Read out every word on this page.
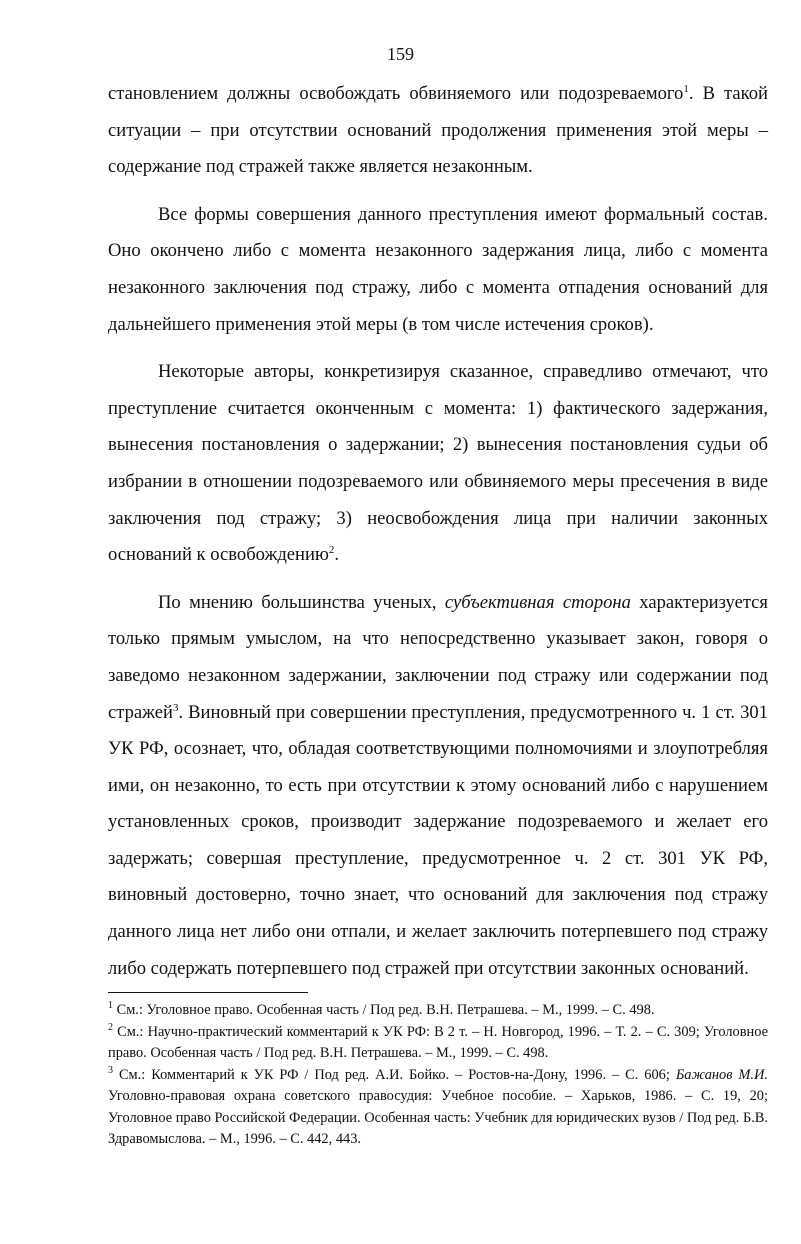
159

становлением должны освобождать обвиняемого или подозреваемого$^1$. В такой ситуации – при отсутствии оснований продолжения применения этой меры – содержание под стражей также является незаконным.

Все формы совершения данного преступления имеют формальный состав. Оно окончено либо с момента незаконного задержания лица, либо с момента незаконного заключения под стражу, либо с момента отпадения оснований для дальнейшего применения этой меры (в том числе истечения сроков).

Некоторые авторы, конкретизируя сказанное, справедливо отмечают, что преступление считается оконченным с момента: 1) фактического задержания, вынесения постановления о задержании; 2) вынесения постановления судьи об избрании в отношении подозреваемого или обвиняемого меры пресечения в виде заключения под стражу; 3) неосвобождения лица при наличии законных оснований к освобождению$^2$.

По мнению большинства ученых, субъективная сторона характеризуется только прямым умыслом, на что непосредственно указывает закон, говоря о заведомо незаконном задержании, заключении под стражу или содержании под стражей$^3$. Виновный при совершении преступления, предусмотренного ч. 1 ст. 301 УК РФ, осознает, что, обладая соответствующими полномочиями и злоупотребляя ими, он незаконно, то есть при отсутствии к этому оснований либо с нарушением установленных сроков, производит задержание подозреваемого и желает его задержать; совершая преступление, предусмотренное ч. 2 ст. 301 УК РФ, виновный достоверно, точно знает, что оснований для заключения под стражу данного лица нет либо они отпали, и желает заключить потерпевшего под стражу либо содержать потерпевшего под стражей при отсутствии законных оснований.

$^1$ См.: Уголовное право. Особенная часть / Под ред. В.Н. Петрашева. – М., 1999. – С. 498.

$^2$ См.: Научно-практический комментарий к УК РФ: В 2 т. – Н. Новгород, 1996. – Т. 2. – С. 309; Уголовное право. Особенная часть / Под ред. В.Н. Петрашева. – М., 1999. – С. 498.

$^3$ См.: Комментарий к УК РФ / Под ред. А.И. Бойко. – Ростов-на-Дону, 1996. – С. 606; Бажанов М.И. Уголовно-правовая охрана советского правосудия: Учебное пособие. – Харьков, 1986. – С. 19, 20; Уголовное право Российской Федерации. Особенная часть: Учебник для юридических вузов / Под ред. Б.В. Здравомыслова. – М., 1996. – С. 442, 443.
